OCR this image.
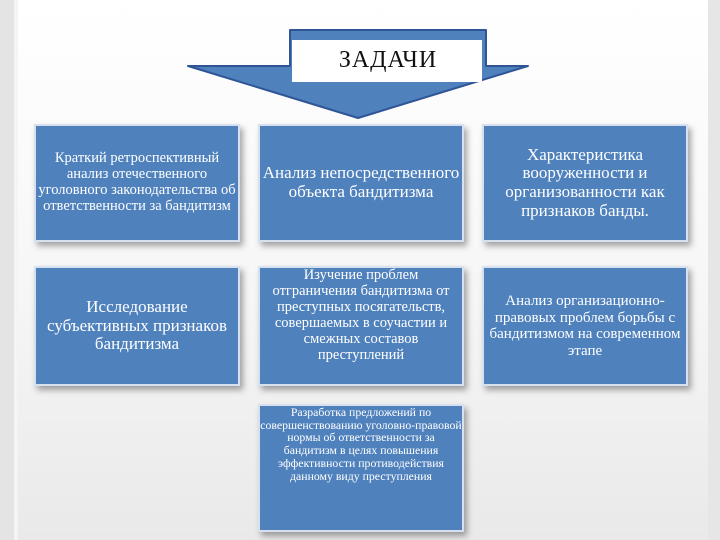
ЗАДАЧИ
Краткий ретроспективный анализ отечественного уголовного законодательства об ответственности за бандитизм
Анализ непосредственного объекта бандитизма
Характеристика вооруженности и организованности как признаков банды.
Исследование субъективных признаков бандитизма
Изучение проблем отграничения бандитизма от преступных посягательств, совершаемых в соучастии и смежных составов преступлений
Анализ организационно-правовых проблем борьбы с бандитизмом на современном этапе
Разработка предложений по совершенствованию уголовно-правовой нормы об ответственности за бандитизм в целях повышения эффективности противодействия данному виду преступления
